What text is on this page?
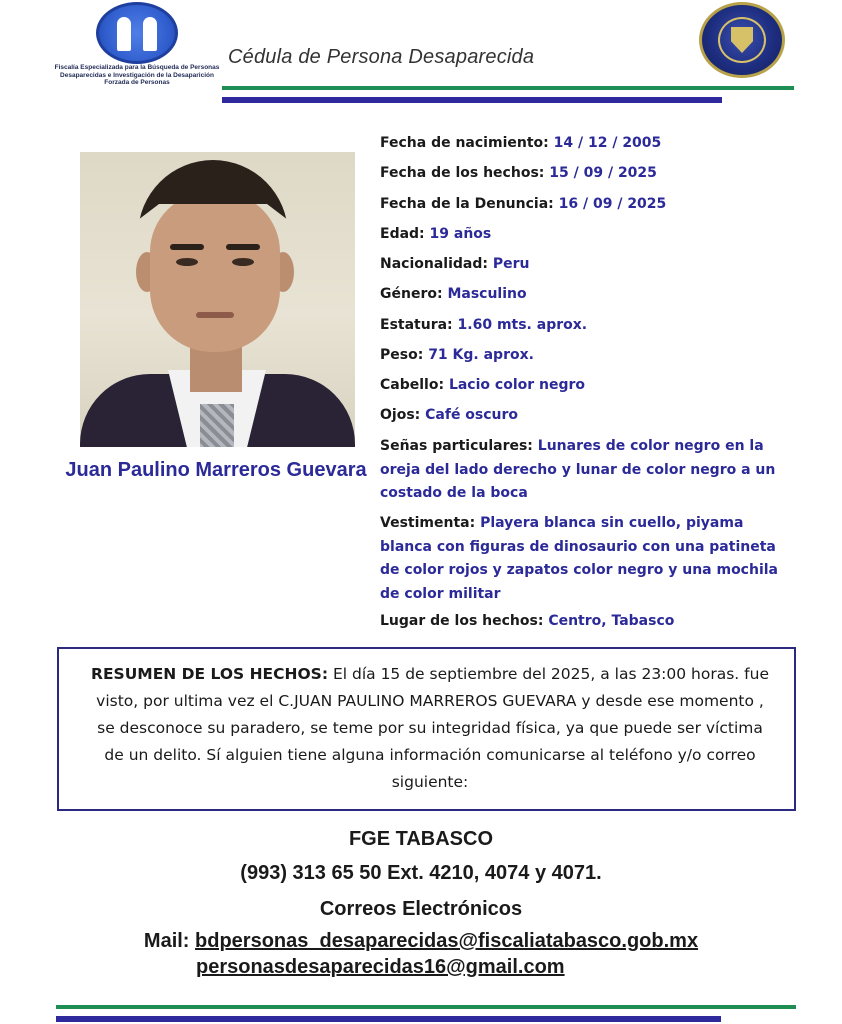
Fiscalía Especializada para la Búsqueda de Personas Desaparecidas e Investigación de la Desaparición Forzada de Personas
Cédula de Persona Desaparecida
Juan Paulino Marreros Guevara
Fecha de nacimiento: 14 / 12 / 2005
Fecha de los hechos: 15 / 09 / 2025
Fecha de la Denuncia: 16 / 09 / 2025
Edad: 19 años
Nacionalidad: Peru
Género: Masculino
Estatura: 1.60 mts. aprox.
Peso: 71 Kg. aprox.
Cabello: Lacio color negro
Ojos: Café oscuro
Señas particulares: Lunares de color negro en la oreja del lado derecho y lunar de color negro a un costado de la boca
Vestimenta: Playera blanca sin cuello, piyama blanca con figuras de dinosaurio con una patineta de color rojos y zapatos color negro y una mochila de color militar
Lugar de los hechos: Centro, Tabasco

RESUMEN DE LOS HECHOS: El día 15 de septiembre del 2025, a las 23:00 horas. fue visto, por ultima vez el C.JUAN PAULINO MARREROS GUEVARA y desde ese momento , se desconoce su paradero, se teme por su integridad física, ya que puede ser víctima de un delito. Sí alguien tiene alguna información comunicarse al teléfono y/o correo siguiente:

FGE TABASCO
(993) 313 65 50 Ext. 4210, 4074 y 4071.
Correos Electrónicos
Mail: bdpersonas_desaparecidas@fiscaliatabasco.gob.mx
personasdesaparecidas16@gmail.com
